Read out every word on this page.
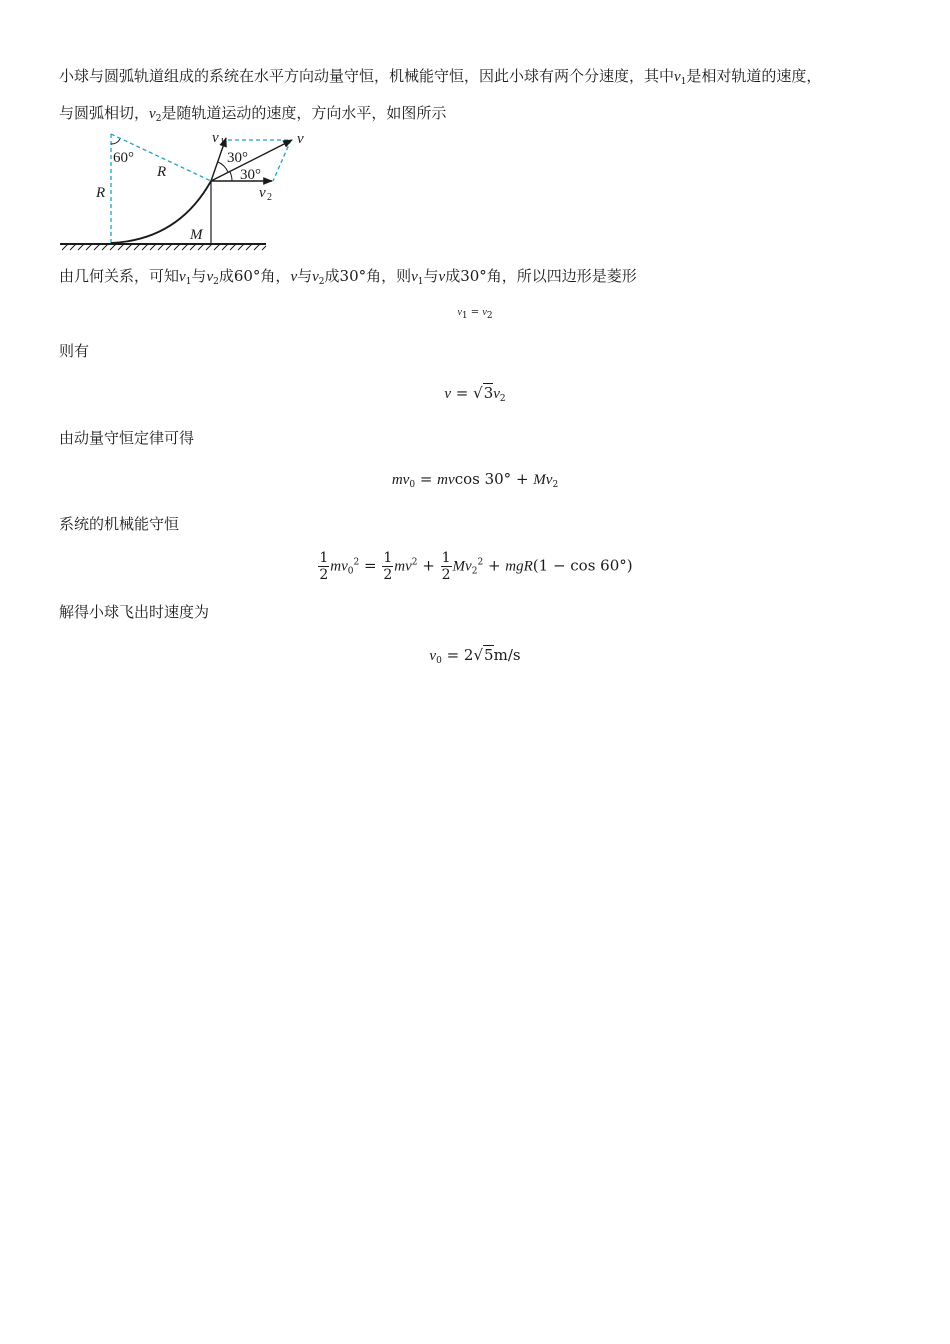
小球与圆弧轨道组成的系统在水平方向动量守恒，机械能守恒，因此小球有两个分速度，其中$v_1$是相对轨道的速度，
与圆弧相切，$v_2$是随轨道运动的速度，方向水平，如图所示
60°
R
R
M
v 1	v
v 2
30°
30°
由几何关系，可知$v_1$与$v_2$成60°角，v与$v_2$成30°角，则$v_1$与v成30°角，所以四边形是菱形
$v_1 = v_2$
则有
$v = √3v_2$
由动量守恒定律可得
$mv_0 = mvcos$ $30^\circ + Mv_2$
系统的机械能守恒
$\frac{1}{2} mv_0^2 = \frac{1}{2} mv^2 + \frac{1}{2} Mv_2^2 + mgR(1 - \cos 60^\circ)$
解得小球飞出时速度为
$v_0 = 2√5m/s$
